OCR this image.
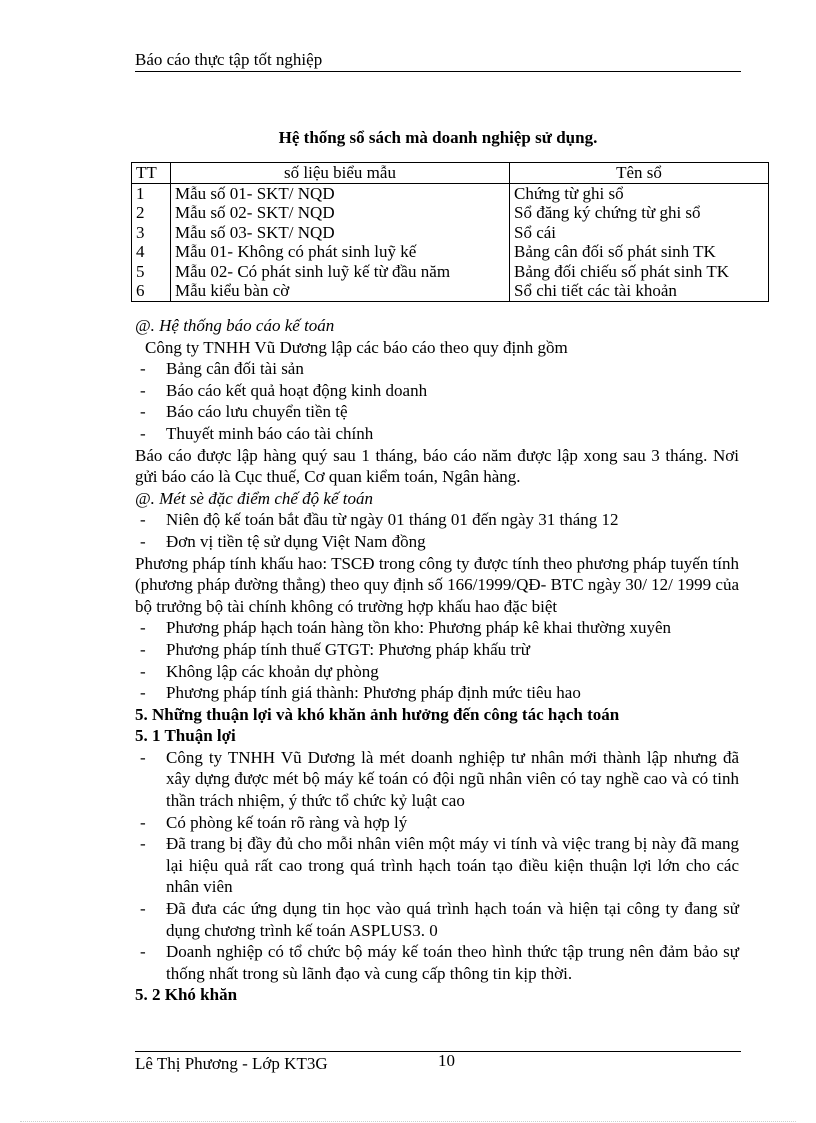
Báo cáo thực tập tốt nghiệp
Hệ thống sổ sách mà doanh nghiệp sử dụng.
TT	số liệu biểu mẫu	Tên sổ
1	Mẫu số 01- SKT/ NQD	Chứng từ ghi sổ
2	Mẫu số 02- SKT/ NQD	Sổ đăng ký chứng từ ghi sổ
3	Mẫu số 03- SKT/ NQD	Sổ cái
4	Mẫu 01- Không có phát sinh luỹ kế	Bảng cân đối số phát sinh TK
5	Mẫu 02- Có phát sinh luỹ kế từ đầu năm	Bảng đối chiếu số phát sinh TK
6	Mẫu kiểu bàn cờ	Sổ chi tiết các tài khoản

@. Hệ thống báo cáo kế toán

Công ty TNHH Vũ Dương lập các báo cáo theo quy định gồm

-	Bảng cân đối tài sản
-	Báo cáo kết quả hoạt động kinh doanh
-	Báo cáo lưu chuyển tiền tệ
-	Thuyết minh báo cáo tài chính

Báo cáo được lập hàng quý sau 1 tháng, báo cáo năm được lập xong sau 3 tháng. Nơi gửi báo cáo là Cục thuế, Cơ quan kiểm toán, Ngân hàng.

@. Mét sè đặc điểm chế độ kế toán

-	Niên độ kế toán bắt đầu từ ngày 01 tháng 01 đến ngày 31 tháng 12
-	Đơn vị tiền tệ sử dụng Việt Nam đồng

Phương pháp tính khấu hao: TSCĐ trong công ty được tính theo phương pháp tuyến tính (phương pháp đường thẳng) theo quy định số 166/1999/QĐ- BTC ngày 30/ 12/ 1999 của bộ trưởng bộ tài chính không có trường hợp khấu hao đặc biệt

-	Phương pháp hạch toán hàng tồn kho: Phương pháp kê khai thường xuyên
-	Phương pháp tính thuế GTGT: Phương pháp khấu trừ
-	Không lập các khoản dự phòng
-	Phương pháp tính giá thành: Phương pháp định mức tiêu hao

5. Những thuận lợi và khó khăn ảnh hưởng đến công tác hạch toán

5. 1 Thuận lợi

-	Công ty TNHH Vũ Dương là mét doanh nghiệp tư nhân mới thành lập nhưng đã xây dựng được mét bộ máy kế toán có đội ngũ nhân viên có tay nghề cao và có tinh thần trách nhiệm, ý thức tổ chức kỷ luật cao
-	Có phòng kế toán rõ ràng và hợp lý
-	Đã trang bị đầy đủ cho mỗi nhân viên một máy vi tính và việc trang bị này đã mang lại hiệu quả rất cao trong quá trình hạch toán tạo điều kiện thuận lợi lớn cho các nhân viên
-	Đã đưa các ứng dụng tin học vào quá trình hạch toán và hiện tại công ty đang sử dụng chương trình kế toán ASPLUS3. 0
-	Doanh nghiệp có tổ chức bộ máy kế toán theo hình thức tập trung nên đảm bảo sự thống nhất trong sù lãnh đạo và cung cấp thông tin kịp thời.

5. 2 Khó khăn

Lê Thị Phương - Lớp KT3G	10
